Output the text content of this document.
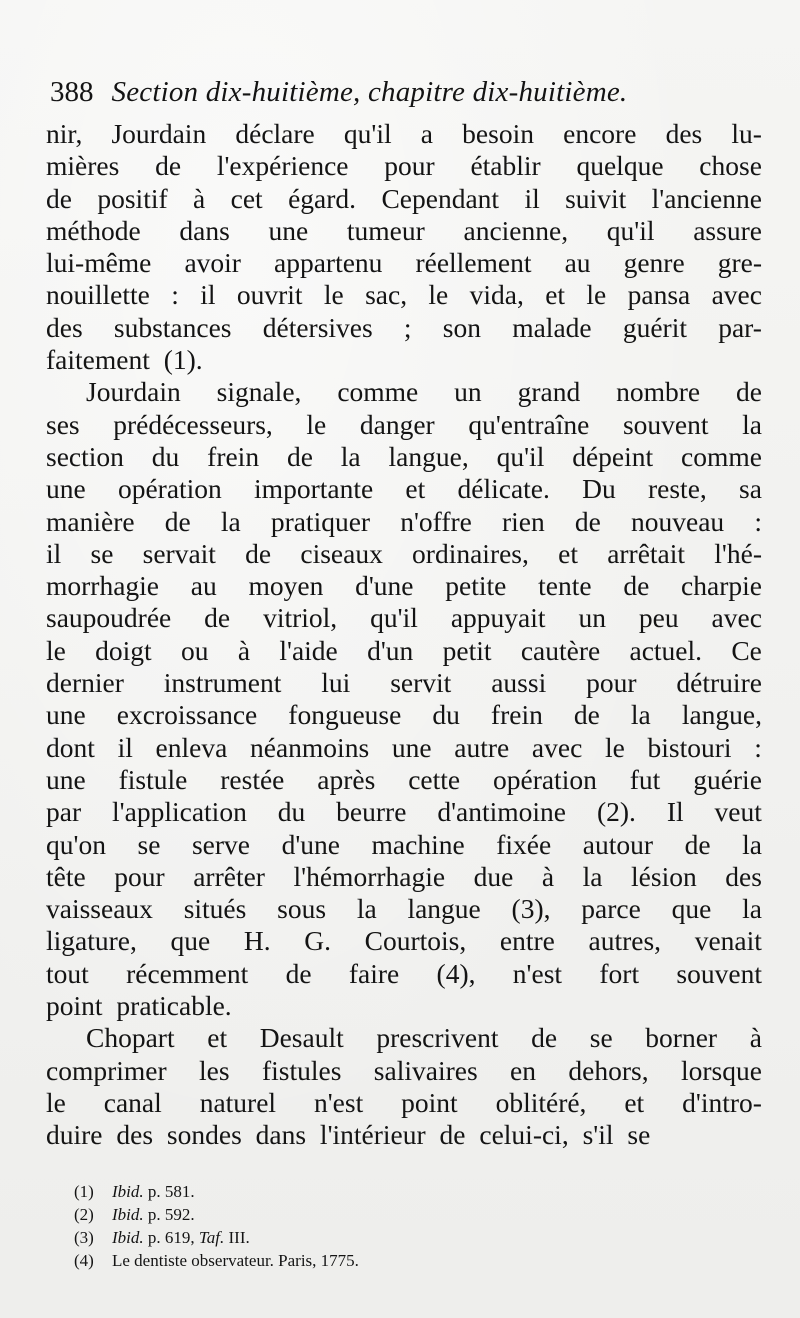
388 Section dix-huitième, chapitre dix-huitième.
nir, Jourdain déclare qu'il a besoin encore des lu-
mières de l'expérience pour établir quelque chose
de positif à cet égard. Cependant il suivit l'ancienne
méthode dans une tumeur ancienne, qu'il assure
lui-même avoir appartenu réellement au genre gre-
nouillette : il ouvrit le sac, le vida, et le pansa avec
des substances détersives ; son malade guérit par-
faitement (1).
Jourdain signale, comme un grand nombre de
ses prédécesseurs, le danger qu'entraîne souvent la
section du frein de la langue, qu'il dépeint comme
une opération importante et délicate. Du reste, sa
manière de la pratiquer n'offre rien de nouveau :
il se servait de ciseaux ordinaires, et arrêtait l'hé-
morrhagie au moyen d'une petite tente de charpie
saupoudrée de vitriol, qu'il appuyait un peu avec
le doigt ou à l'aide d'un petit cautère actuel. Ce
dernier instrument lui servit aussi pour détruire
une excroissance fongueuse du frein de la langue,
dont il enleva néanmoins une autre avec le bistouri :
une fistule restée après cette opération fut guérie
par l'application du beurre d'antimoine (2). Il veut
qu'on se serve d'une machine fixée autour de la
tête pour arrêter l'hémorrhagie due à la lésion des
vaisseaux situés sous la langue (3), parce que la
ligature, que H. G. Courtois, entre autres, venait
tout récemment de faire (4), n'est fort souvent
point praticable.
Chopart et Desault prescrivent de se borner à
comprimer les fistules salivaires en dehors, lorsque
le canal naturel n'est point oblitéré, et d'intro-
duire des sondes dans l'intérieur de celui-ci, s'il se
(1) Ibid. p. 581.
(2) Ibid. p. 592.
(3) Ibid. p. 619, Taf. III.
(4) Le dentiste observateur. Paris, 1775.
